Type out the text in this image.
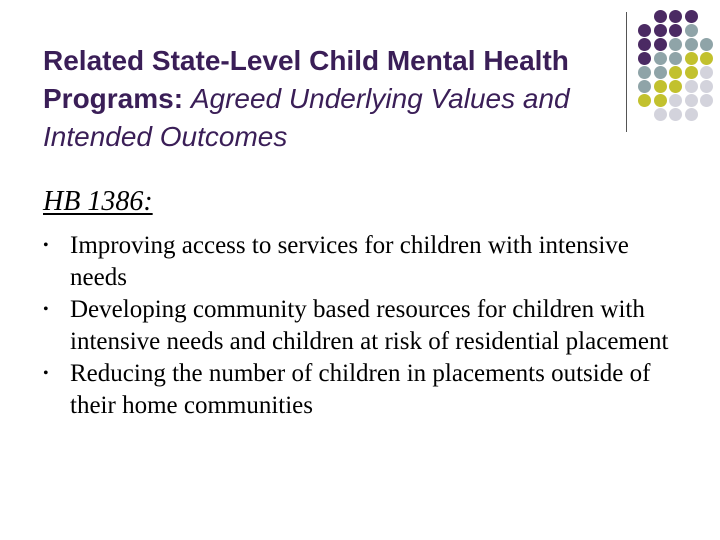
Related State-Level Child Mental Health Programs: Agreed Underlying Values and Intended Outcomes
HB 1386:
• Improving access to services for children with intensive needs
• Developing community based resources for children with intensive needs and children at risk of residential placement
• Reducing the number of children in placements outside of their home communities
